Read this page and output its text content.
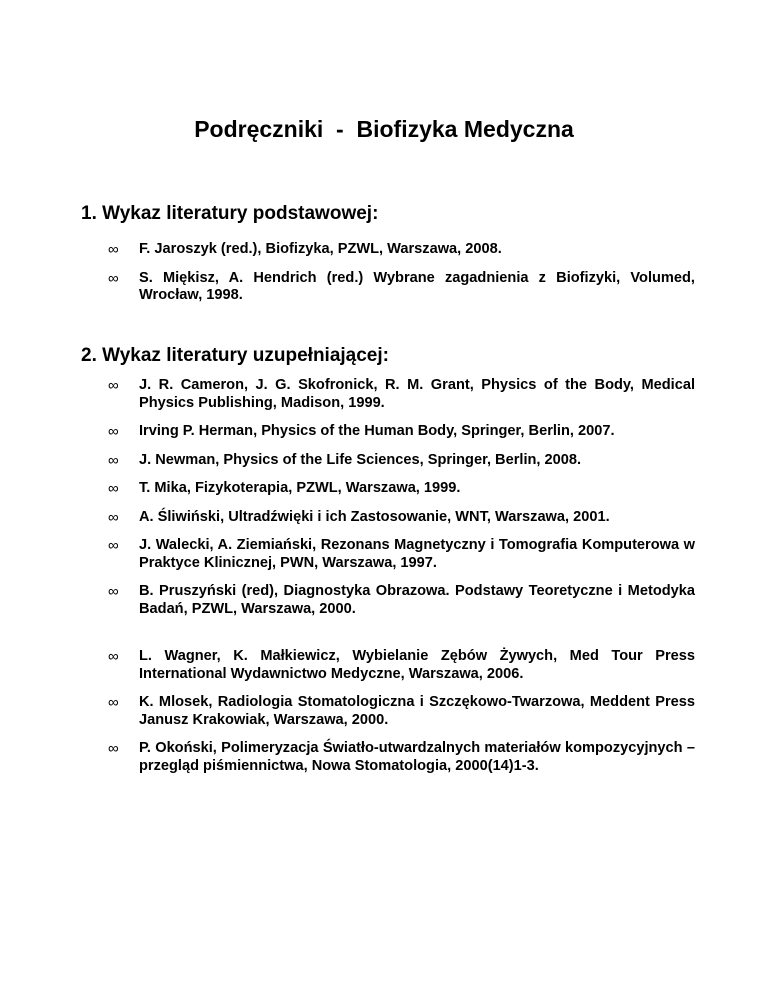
Podręczniki  -  Biofizyka Medyczna
1. Wykaz literatury podstawowej:
∞ F. Jaroszyk (red.), Biofizyka, PZWL, Warszawa, 2008.
∞ S. Miękisz, A. Hendrich (red.) Wybrane zagadnienia z Biofizyki, Volumed, Wrocław, 1998.
2. Wykaz literatury uzupełniającej:
∞ J. R. Cameron, J. G. Skofronick, R. M. Grant, Physics of the Body, Medical Physics Publishing, Madison, 1999.
∞ Irving P. Herman, Physics of the Human Body, Springer, Berlin, 2007.
∞ J. Newman, Physics of the Life Sciences, Springer, Berlin, 2008.
∞ T. Mika, Fizykoterapia, PZWL, Warszawa, 1999.
∞ A. Śliwiński, Ultradźwięki i ich Zastosowanie, WNT, Warszawa, 2001.
∞ J. Walecki, A. Ziemiański, Rezonans Magnetyczny i Tomografia Komputerowa w Praktyce Klinicznej, PWN, Warszawa, 1997.
∞ B. Pruszyński (red), Diagnostyka Obrazowa. Podstawy Teoretyczne i Metodyka Badań, PZWL, Warszawa, 2000.
∞ L. Wagner, K. Małkiewicz, Wybielanie Zębów Żywych, Med Tour Press International Wydawnictwo Medyczne, Warszawa, 2006.
∞ K. Mlosek, Radiologia Stomatologiczna i Szczękowo-Twarzowa, Meddent Press Janusz Krakowiak, Warszawa, 2000.
∞ P. Okoński, Polimeryzacja Światło-utwardzalnych materiałów kompozycyjnych – przegląd piśmiennictwa, Nowa Stomatologia, 2000(14)1-3.
